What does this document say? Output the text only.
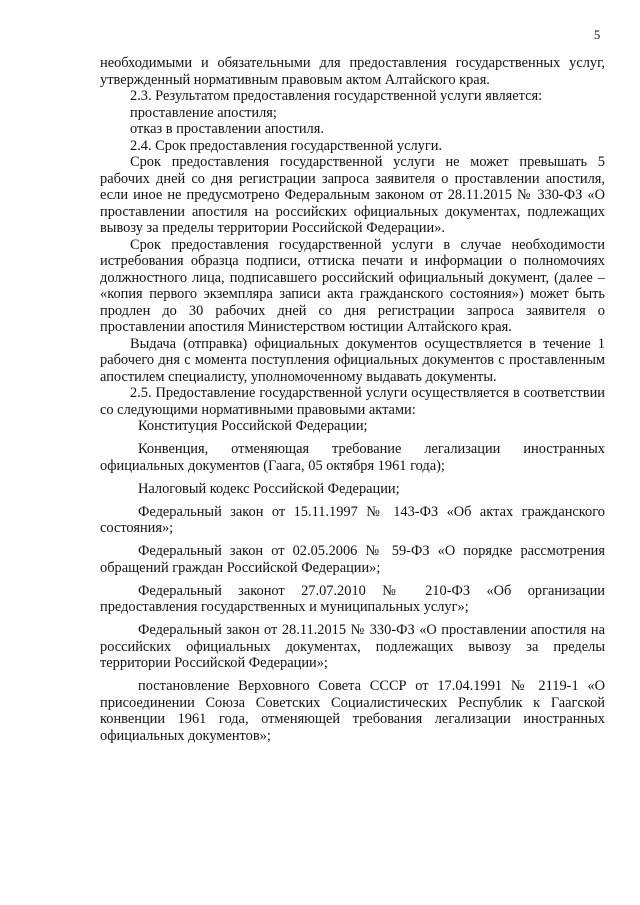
5

необходимыми и обязательными для предоставления государственных услуг, утвержденный нормативным правовым актом Алтайского края.

2.3. Результатом предоставления государственной услуги является:

проставление апостиля;

отказ в проставлении апостиля.

2.4. Срок предоставления государственной услуги.

Срок предоставления государственной услуги не может превышать 5 рабочих дней со дня регистрации запроса заявителя о проставлении апостиля, если иное не предусмотрено Федеральным законом от 28.11.2015 № 330-ФЗ «О проставлении апостиля на российских официальных документах, подлежащих вывозу за пределы территории Российской Федерации».

Срок предоставления государственной услуги в случае необходимости истребования образца подписи, оттиска печати и информации о полномочиях должностного лица, подписавшего российский официальный документ, (далее – «копия первого экземпляра записи акта гражданского состояния») может быть продлен до 30 рабочих дней со дня регистрации запроса заявителя о проставлении апостиля Министерством юстиции Алтайского края.

Выдача (отправка) официальных документов осуществляется в течение 1 рабочего дня с момента поступления официальных документов с проставленным апостилем специалисту, уполномоченному выдавать документы.

2.5. Предоставление государственной услуги осуществляется в соответствии со следующими нормативными правовыми актами:

Конституция Российской Федерации;

Конвенция, отменяющая требование легализации иностранных официальных документов (Гаага, 05 октября 1961 года);

Налоговый кодекс Российской Федерации;

Федеральный закон от 15.11.1997 № 143-ФЗ «Об актах гражданского состояния»;

Федеральный закон от 02.05.2006 № 59-ФЗ «О порядке рассмотрения обращений граждан Российской Федерации»;

Федеральный законот 27.07.2010 № 210-ФЗ «Об организации предоставления государственных и муниципальных услуг»;

Федеральный закон от 28.11.2015 № 330-ФЗ «О проставлении апостиля на российских официальных документах, подлежащих вывозу за пределы территории Российской Федерации»;

постановление Верховного Совета СССР от 17.04.1991 № 2119-1 «О присоединении Союза Советских Социалистических Республик к Гаагской конвенции 1961 года, отменяющей требования легализации иностранных официальных документов»;
